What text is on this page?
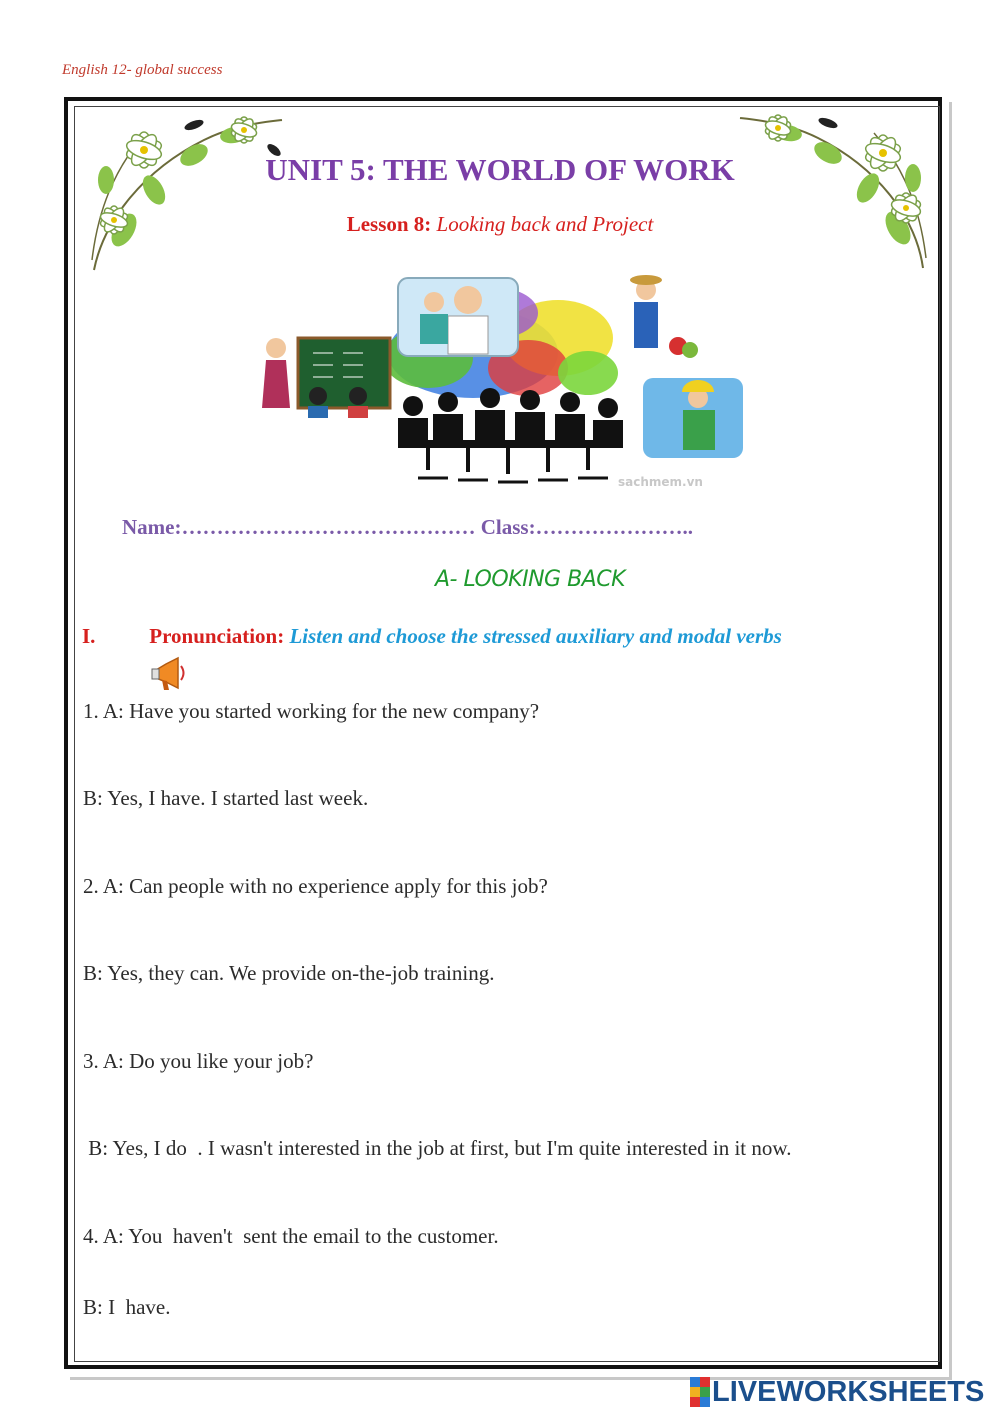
English 12- global success
UNIT 5: THE WORLD OF WORK
Lesson 8: Looking back and Project
sachmem.vn
Name:…………………………………… Class:…………………..
A- LOOKING BACK
I.	Pronunciation: Listen and choose the stressed auxiliary and modal verbs
1. A: Have you started working for the new company?
B: Yes, I have. I started last week.
2. A: Can people with no experience apply for this job?
B: Yes, they can. We provide on-the-job training.
3. A: Do you like your job?
B: Yes, I do  . I wasn't interested in the job at first, but I'm quite interested in it now.
4. A: You  haven't  sent the email to the customer.
B: I  have.
LIVEWORKSHEETS
